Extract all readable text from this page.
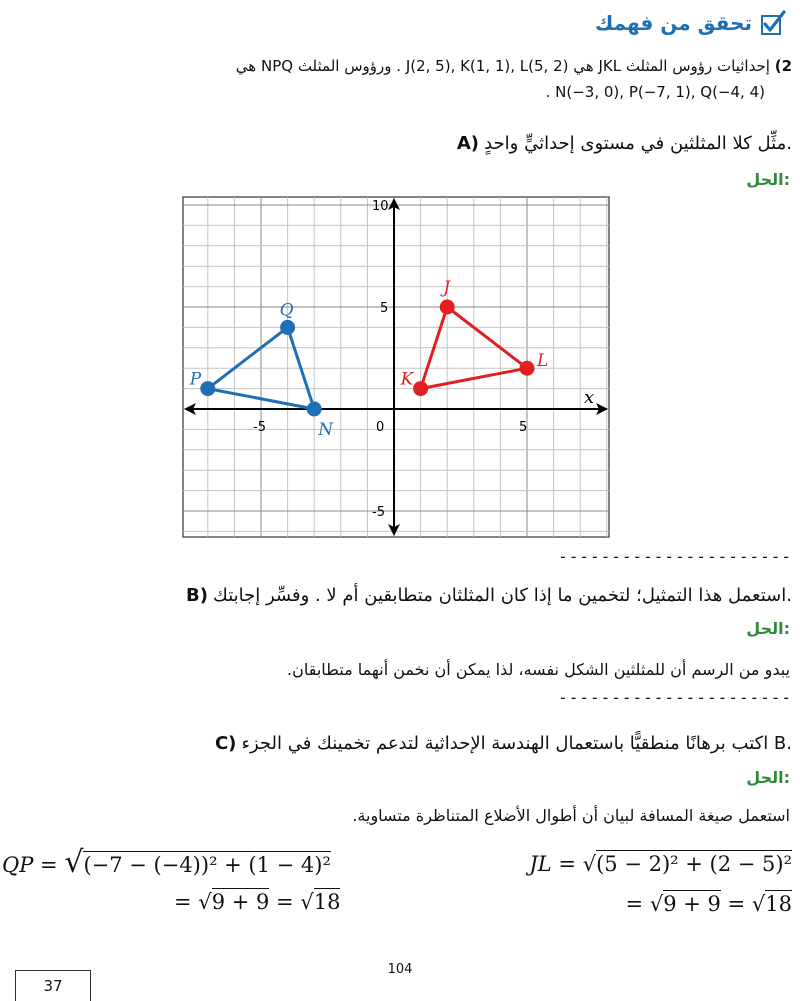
تحقق من فهمك
2) إحداثيات رؤوس المثلث JKL هي J(2, 5), K(1, 1), L(5, 2) . ورؤوس المثلث NPQ هي
. N(−3, 0), P(−7, 1), Q(−4, 4)
A) مثِّل كلا المثلثين في مستوى إحداثيٍّ واحدٍ.
الحل:
-5	0	5
10
5
-5
x
J
K
L
N
P
Q
----------------------
B) استعمل هذا التمثيل؛ لتخمين ما إذا كان المثلثان متطابقين أم لا . وفسِّر إجابتك.
الحل:
يبدو من الرسم أن للمثلثين الشكل نفسه، لذا يمكن أن نخمن أنهما متطابقان.
----------------------
C) اكتب برهانًا منطقيًّا باستعمال الهندسة الإحداثية لتدعم تخمينك في الجزء B.
الحل:
استعمل صيغة المسافة لبيان أن أطوال الأضلاع المتناظرة متساوية.
QP = √(−7 − (−4))² + (1 − 4)²
= √9 + 9 = √18
JL = √(5 − 2)² + (2 − 5)²
= √9 + 9 = √18
104
37
